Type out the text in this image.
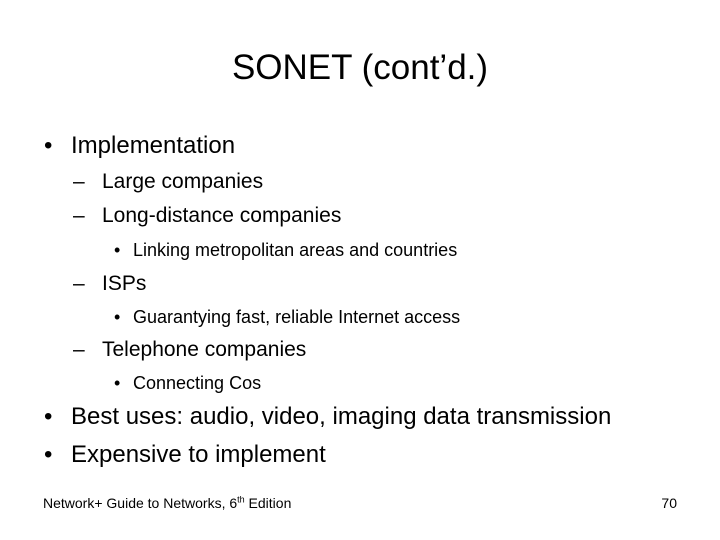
SONET (cont’d.)
• Implementation
– Large companies
– Long-distance companies
• Linking metropolitan areas and countries
– ISPs
• Guarantying fast, reliable Internet access
– Telephone companies
• Connecting Cos
• Best uses: audio, video, imaging data transmission
• Expensive to implement
Network+ Guide to Networks, 6th Edition	70
